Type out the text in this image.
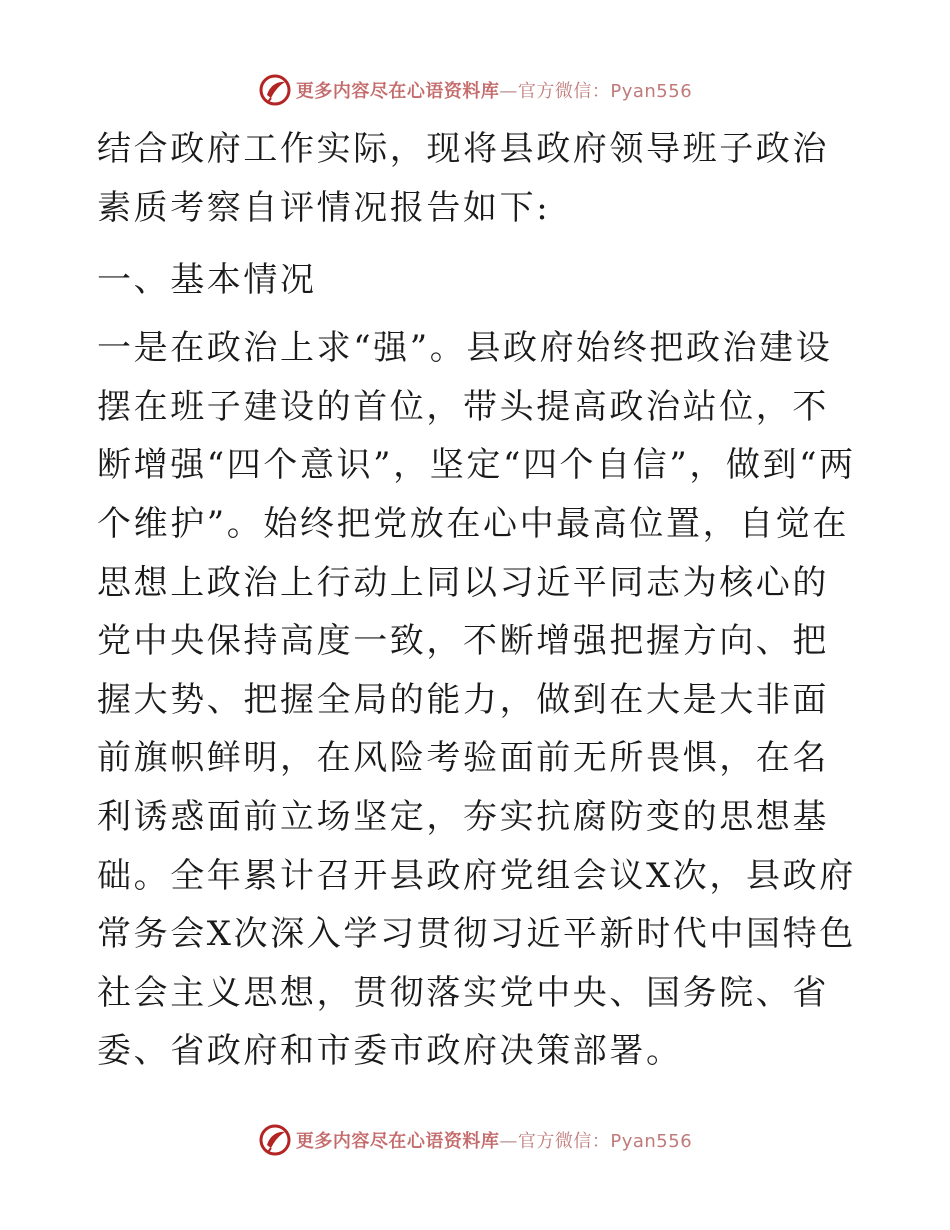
更多内容尽在心语资料库—官方微信：Pyan556

结合政府工作实际，现将县政府领导班子政治素质考察自评情况报告如下:

一、基本情况

一是在政治上求“强”。县政府始终把政治建设摆在班子建设的首位，带头提高政治站位，不断增强“四个意识”，坚定“四个自信”，做到“两个维护”。始终把党放在心中最高位置，自觉在思想上政治上行动上同以习近平同志为核心的党中央保持高度一致，不断增强把握方向、把握大势、把握全局的能力，做到在大是大非面前旗帜鲜明，在风险考验面前无所畏惧，在名利诱惑面前立场坚定，夯实抗腐防变的思想基础。全年累计召开县政府党组会议X次，县政府常务会X次深入学习贯彻习近平新时代中国特色社会主义思想，贯彻落实党中央、国务院、省委、省政府和市委市政府决策部署。

更多内容尽在心语资料库—官方微信：Pyan556
